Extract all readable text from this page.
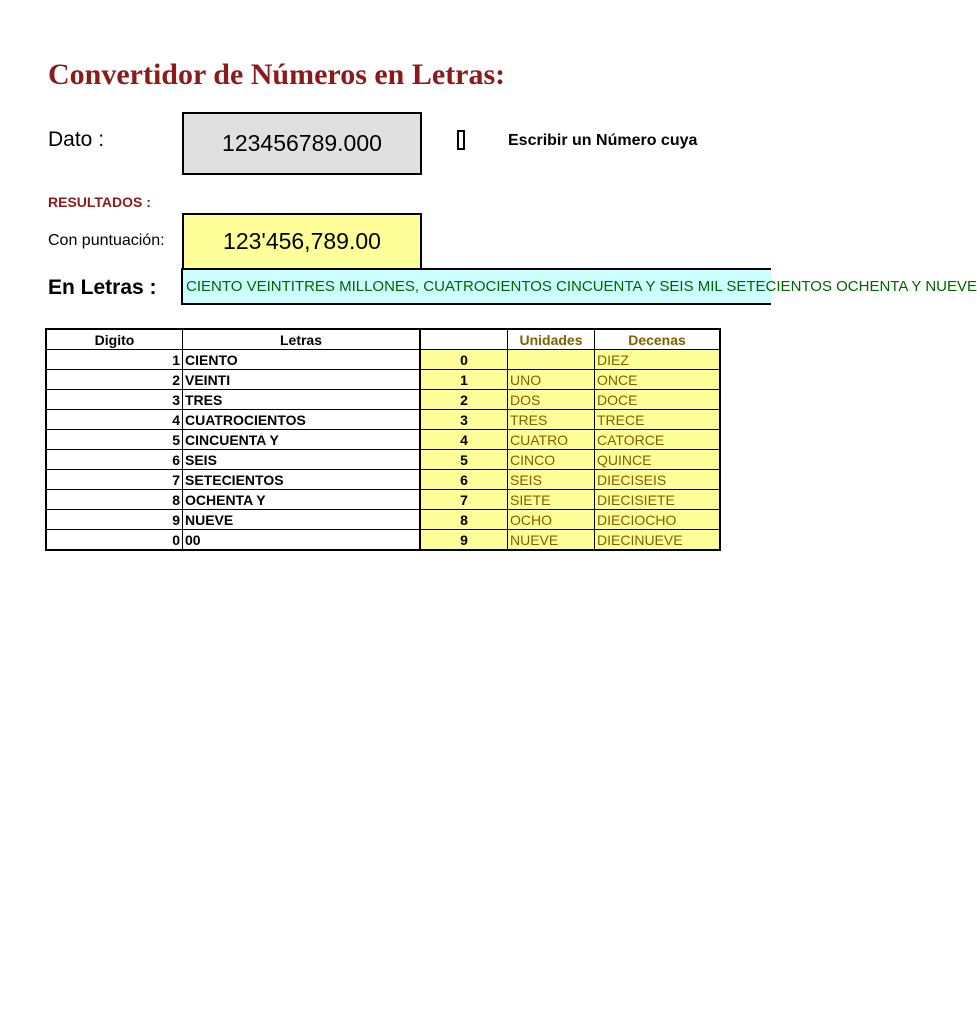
Convertidor de Números en Letras:
Dato :	123456789.000	Escribir un Número cuya
RESULTADOS :
Con puntuación:	123'456,789.00
En Letras :	CIENTO VEINTITRES MILLONES, CUATROCIENTOS CINCUENTA Y SEIS MIL SETECIENTOS OCHENTA Y NUEVE
Digito	Letras		Unidades	Decenas
1	CIENTO	0		DIEZ
2	VEINTI	1	UNO	ONCE
3	TRES	2	DOS	DOCE
4	CUATROCIENTOS	3	TRES	TRECE
5	CINCUENTA Y	4	CUATRO	CATORCE
6	SEIS	5	CINCO	QUINCE
7	SETECIENTOS	6	SEIS	DIECISEIS
8	OCHENTA Y	7	SIETE	DIECISIETE
9	NUEVE	8	OCHO	DIECIOCHO
0	00	9	NUEVE	DIECINUEVE
